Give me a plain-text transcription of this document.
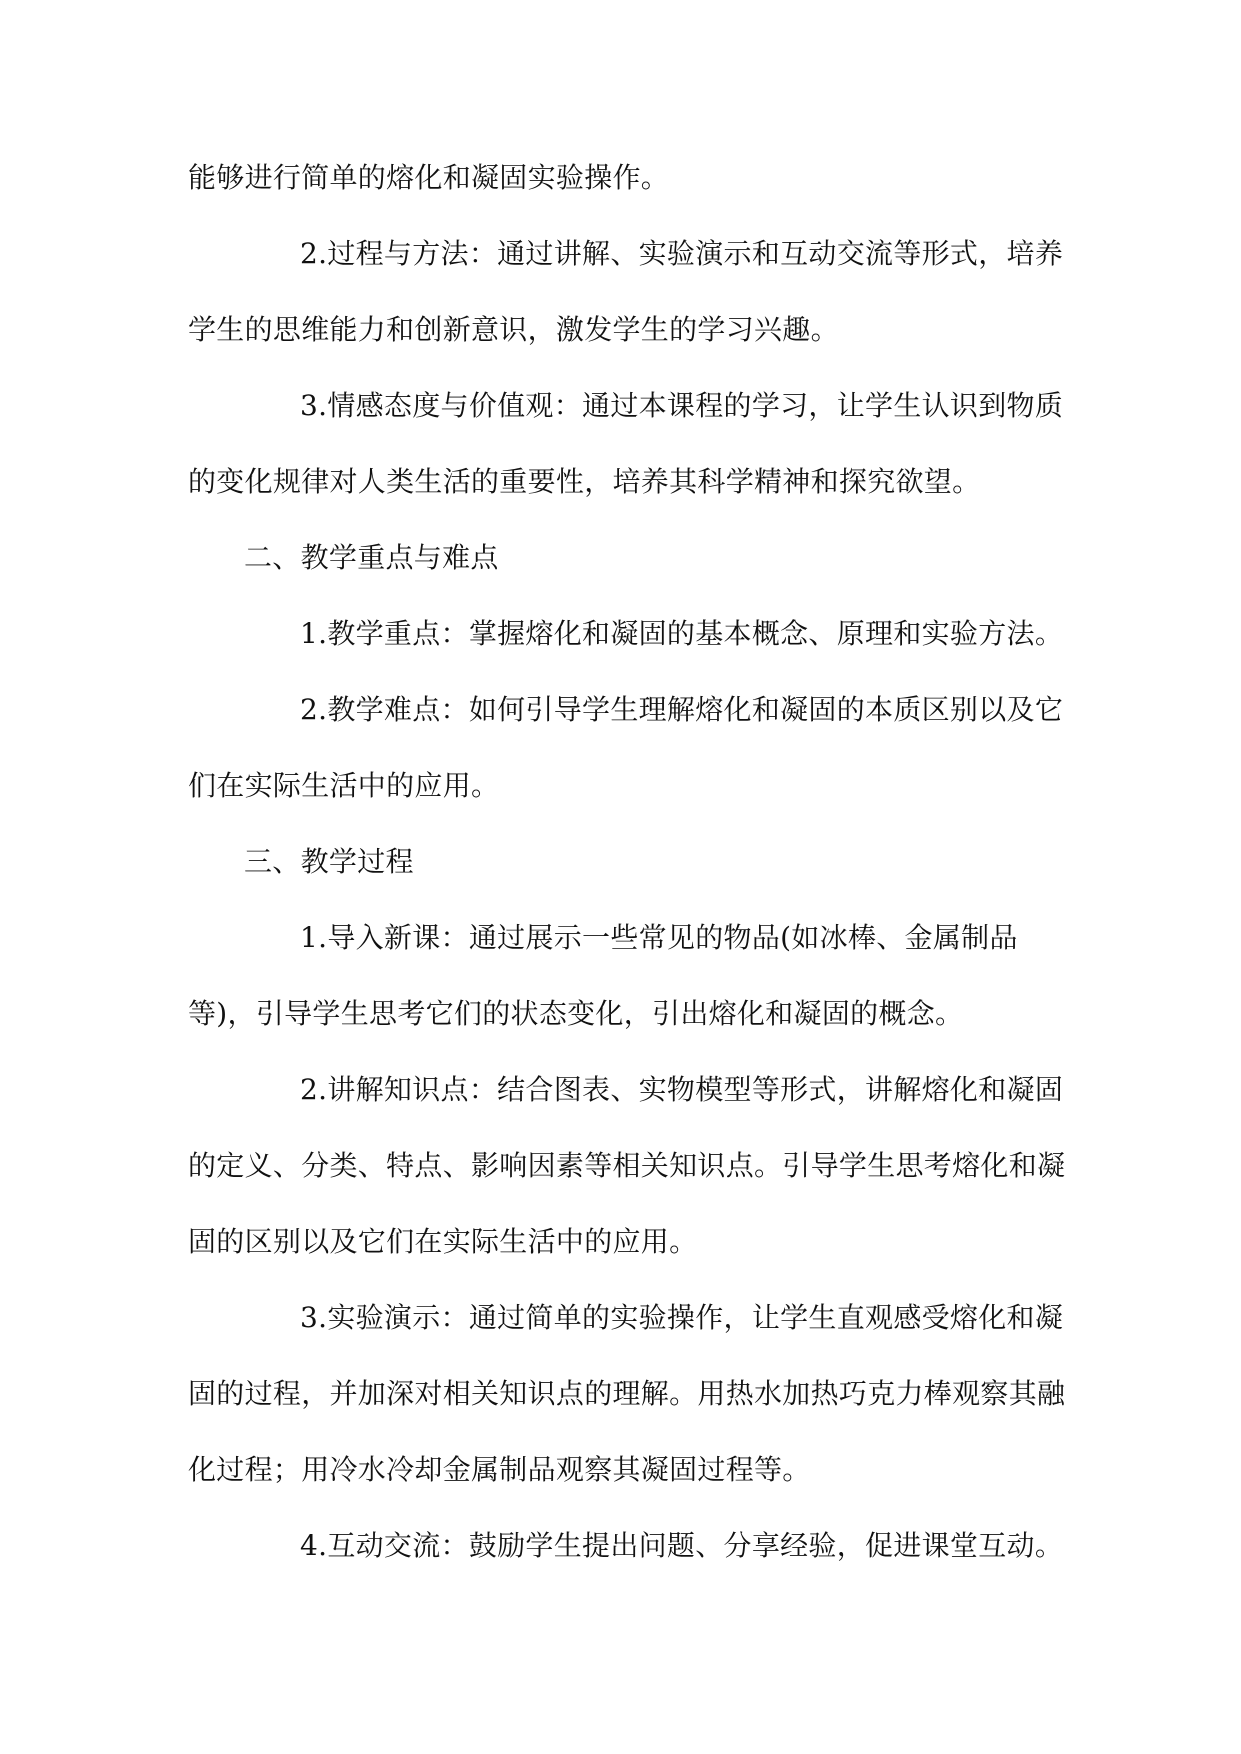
能够进行简单的熔化和凝固实验操作。

2.过程与方法：通过讲解、实验演示和互动交流等形式，培养学生的思维能力和创新意识，激发学生的学习兴趣。

3.情感态度与价值观：通过本课程的学习，让学生认识到物质的变化规律对人类生活的重要性，培养其科学精神和探究欲望。

二、教学重点与难点

1.教学重点：掌握熔化和凝固的基本概念、原理和实验方法。

2.教学难点：如何引导学生理解熔化和凝固的本质区别以及它们在实际生活中的应用。

三、教学过程

1.导入新课：通过展示一些常见的物品(如冰棒、金属制品等)，引导学生思考它们的状态变化，引出熔化和凝固的概念。

2.讲解知识点：结合图表、实物模型等形式，讲解熔化和凝固的定义、分类、特点、影响因素等相关知识点。引导学生思考熔化和凝固的区别以及它们在实际生活中的应用。

3.实验演示：通过简单的实验操作，让学生直观感受熔化和凝固的过程，并加深对相关知识点的理解。用热水加热巧克力棒观察其融化过程；用冷水冷却金属制品观察其凝固过程等。

4.互动交流：鼓励学生提出问题、分享经验，促进课堂互动。
